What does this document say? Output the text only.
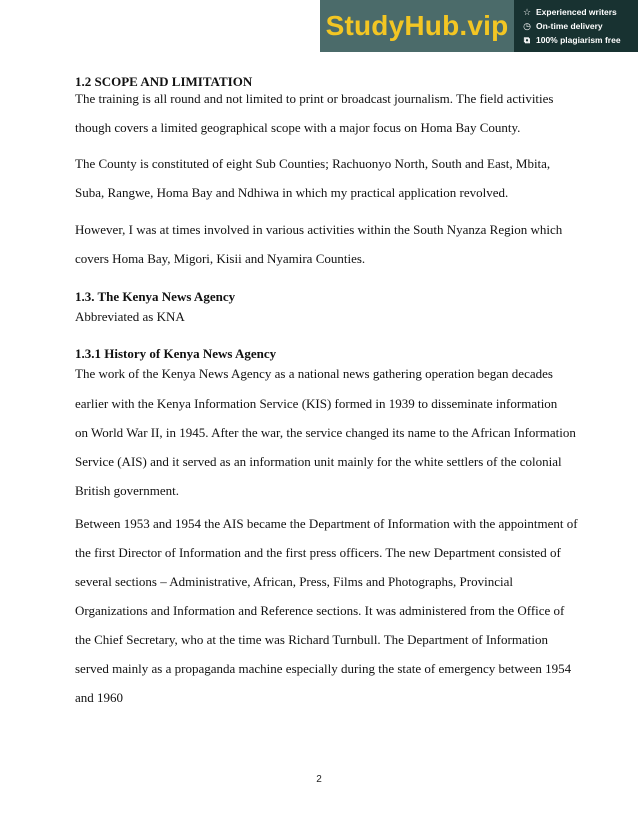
StudyHub.vip	☆ Experienced writers
◷ On-time delivery
⧉ 100% plagiarism free
1.2 SCOPE AND LIMITATION
The training is all round and not limited to print or broadcast journalism. The field activities
though covers a limited geographical scope with a major focus on Homa Bay County.
The County is constituted of eight Sub Counties; Rachuonyo North, South and East, Mbita,
Suba, Rangwe, Homa Bay and Ndhiwa in which my practical application revolved.
However, I was at times involved in various activities within the South Nyanza Region which
covers Homa Bay, Migori, Kisii and Nyamira Counties.
1.3. The Kenya News Agency
Abbreviated as KNA
1.3.1 History of Kenya News Agency
The work of the Kenya News Agency as a national news gathering operation began decades
earlier with the Kenya Information Service (KIS) formed in 1939 to disseminate information
on World War II, in 1945. After the war, the service changed its name to the African Information
Service (AIS) and it served as an information unit mainly for the white settlers of the colonial
British government.
Between 1953 and 1954 the AIS became the Department of Information with the appointment of
the first Director of Information and the first press officers. The new Department consisted of
several sections – Administrative, African, Press, Films and Photographs, Provincial
Organizations and Information and Reference sections. It was administered from the Office of
the Chief Secretary, who at the time was Richard Turnbull. The Department of Information
served mainly as a propaganda machine especially during the state of emergency between 1954
and 1960
2
